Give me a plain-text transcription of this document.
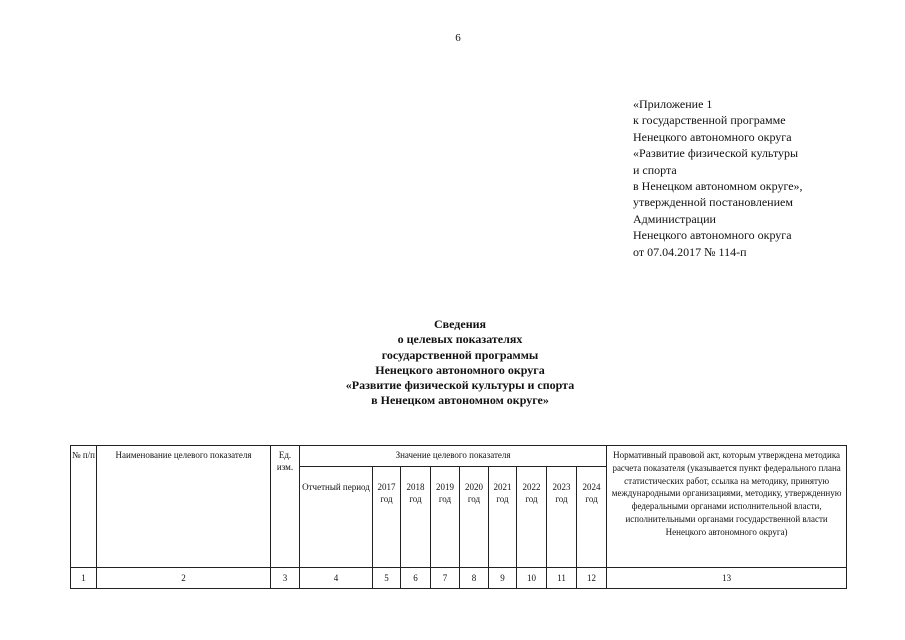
6
«Приложение 1
к государственной программе
Ненецкого автономного округа
«Развитие физической культуры
и спорта
в Ненецком автономном округе»,
утвержденной постановлением
Администрации
Ненецкого автономного округа
от 07.04.2017 № 114-п
Сведения
о целевых показателях
государственной программы
Ненецкого автономного округа
«Развитие физической культуры и спорта
в Ненецком автономном округе»
№ п/п	Наименование целевого показателя	Ед. изм.	Значение целевого показателя									Нормативный правовой акт, которым утверждена методика расчета показателя (указывается пункт федерального плана статистических работ, ссылка на методику, принятую международными организациями, методику, утвержденную федеральными органами исполнительной власти, исполнительными органами государственной власти Ненецкого автономного округа)
			Отчетный период	2017 год	2018 год	2019 год	2020 год	2021 год	2022 год	2023 год	2024 год	
1	2	3	4	5	6	7	8	9	10	11	12	13
